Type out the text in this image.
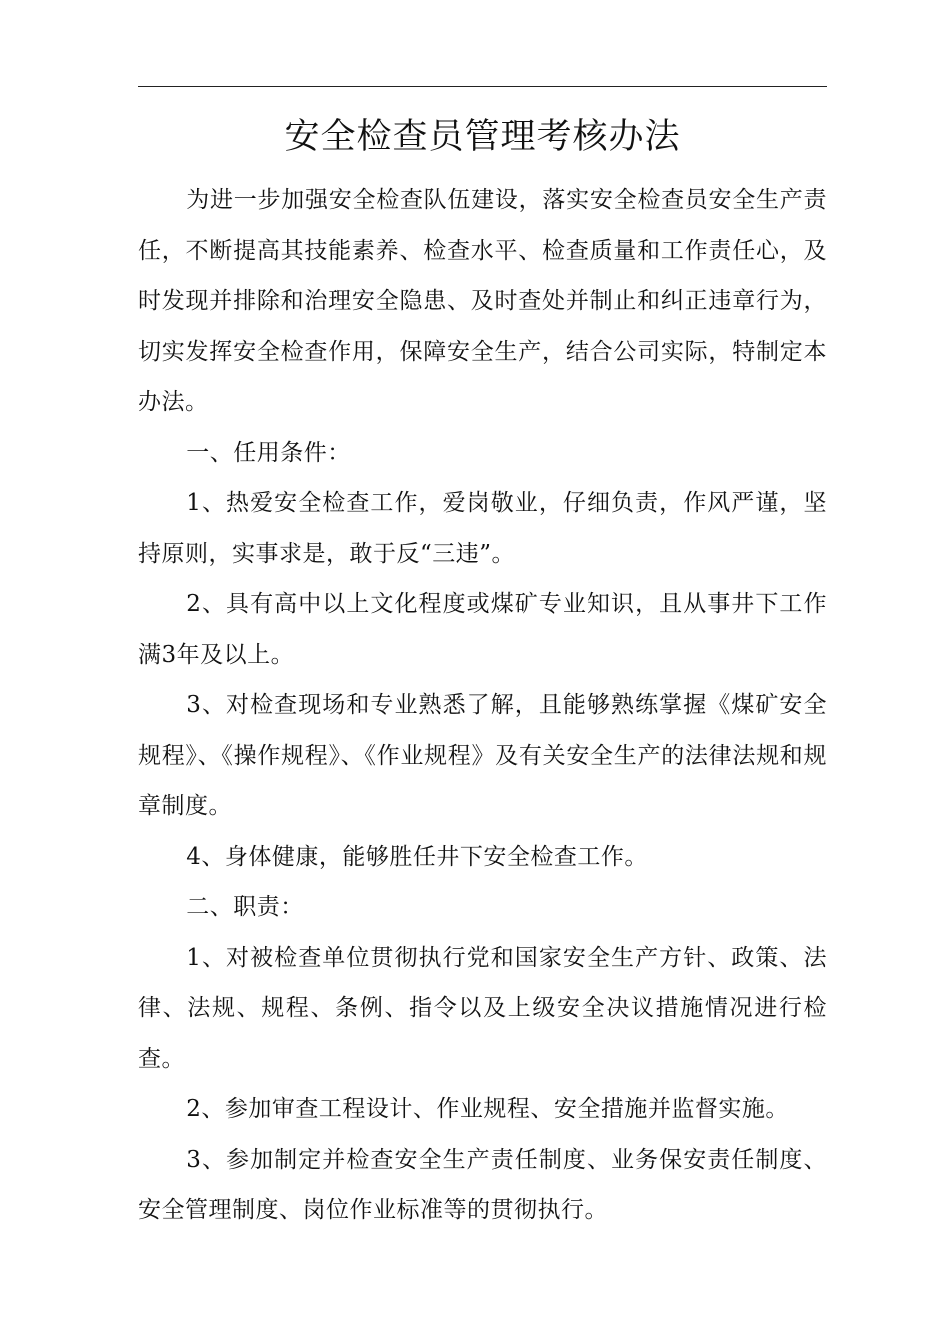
安全检查员管理考核办法

为进一步加强安全检查队伍建设，落实安全检查员安全生产责任，不断提高其技能素养、检查水平、检查质量和工作责任心，及时发现并排除和治理安全隐患、及时查处并制止和纠正违章行为，切实发挥安全检查作用，保障安全生产，结合公司实际，特制定本办法。

一、任用条件：

1、热爱安全检查工作，爱岗敬业，仔细负责，作风严谨，坚持原则，实事求是，敢于反“三违”。

2、具有高中以上文化程度或煤矿专业知识，且从事井下工作满3年及以上。

3、对检查现场和专业熟悉了解，且能够熟练掌握《煤矿安全规程》、《操作规程》、《作业规程》及有关安全生产的法律法规和规章制度。

4、身体健康，能够胜任井下安全检查工作。

二、职责：

1、对被检查单位贯彻执行党和国家安全生产方针、政策、法律、法规、规程、条例、指令以及上级安全决议措施情况进行检查。

2、参加审查工程设计、作业规程、安全措施并监督实施。

3、参加制定并检查安全生产责任制度、业务保安责任制度、安全管理制度、岗位作业标准等的贯彻执行。
